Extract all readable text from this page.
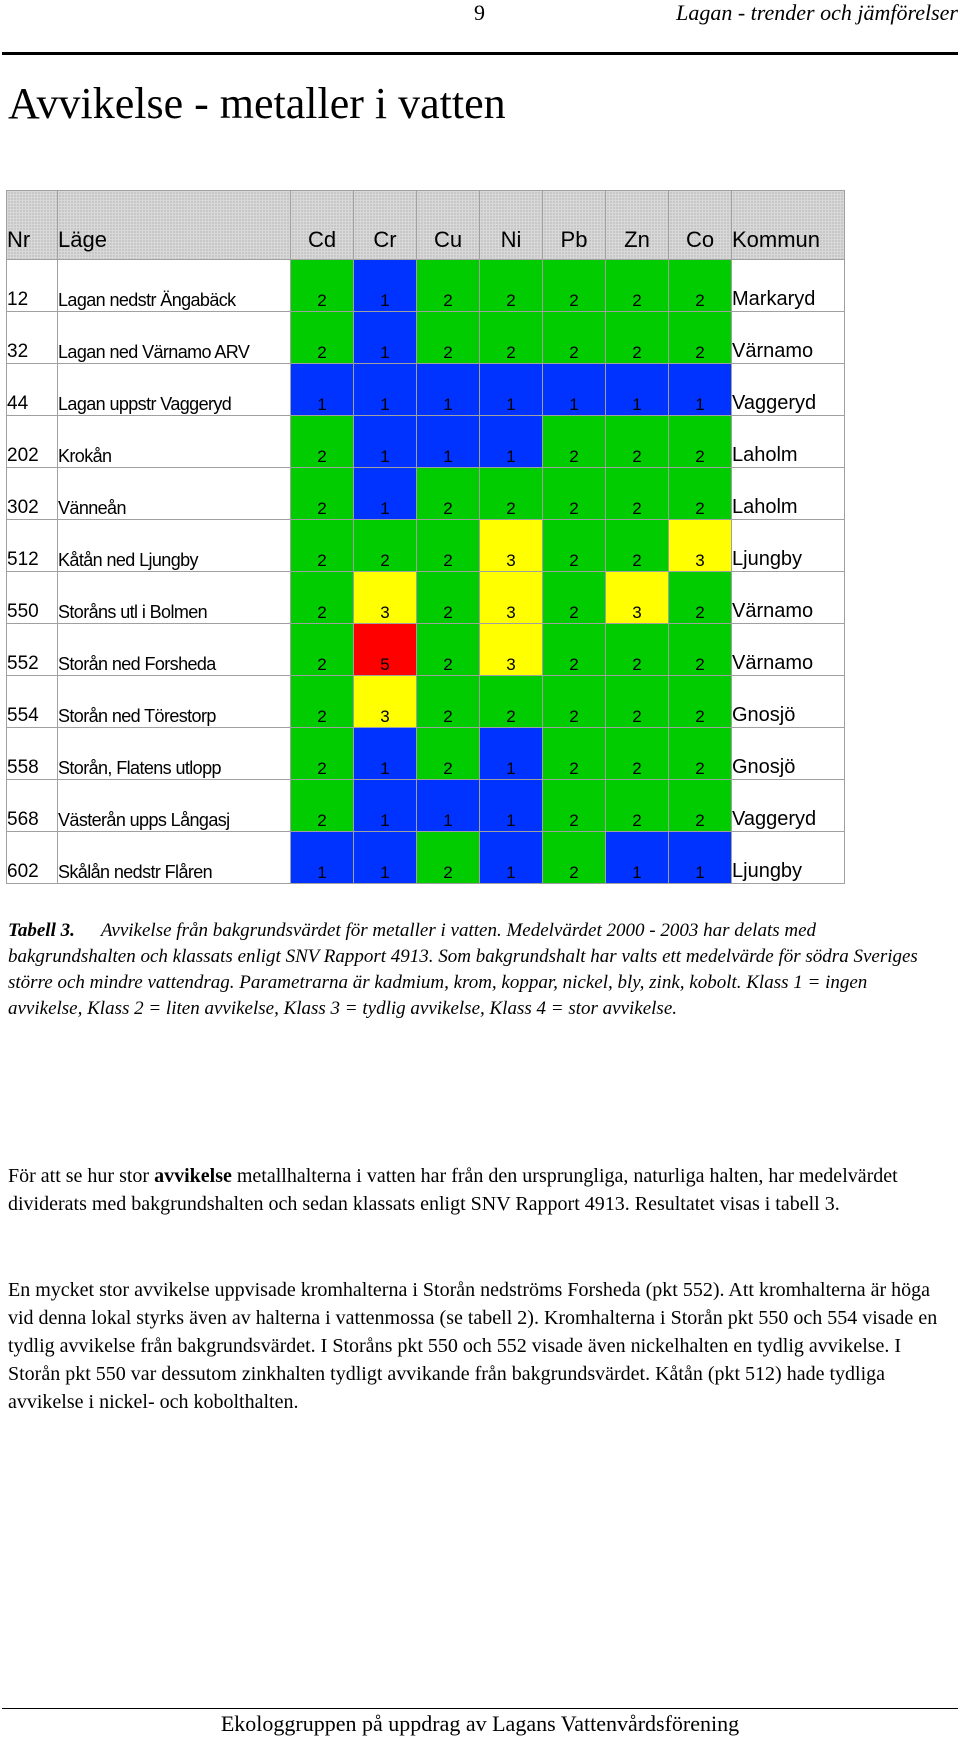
9	Lagan - trender och jämförelser
Avvikelse - metaller i vatten
Nr	Läge	Cd	Cr	Cu	Ni	Pb	Zn	Co	Kommun
12	Lagan nedstr Ängabäck	2	1	2	2	2	2	2	Markaryd
32	Lagan ned Värnamo ARV	2	1	2	2	2	2	2	Värnamo
44	Lagan uppstr Vaggeryd	1	1	1	1	1	1	1	Vaggeryd
202	Krokån	2	1	1	1	2	2	2	Laholm
302	Vänneån	2	1	2	2	2	2	2	Laholm
512	Kåtån ned Ljungby	2	2	2	3	2	2	3	Ljungby
550	Storåns utl i Bolmen	2	3	2	3	2	3	2	Värnamo
552	Storån ned Forsheda	2	5	2	3	2	2	2	Värnamo
554	Storån ned Törestorp	2	3	2	2	2	2	2	Gnosjö
558	Storån, Flatens utlopp	2	1	2	1	2	2	2	Gnosjö
568	Västerån upps Långasj	2	1	1	1	2	2	2	Vaggeryd
602	Skålån nedstr Flåren	1	1	2	1	2	1	1	Ljungby
Tabell 3. Avvikelse från bakgrundsvärdet för metaller i vatten. Medelvärdet 2000 - 2003 har delats med bakgrundshalten och klassats enligt SNV Rapport 4913. Som bakgrundshalt har valts ett medelvärde för södra Sveriges större och mindre vattendrag. Parametrarna är kadmium, krom, koppar, nickel, bly, zink, kobolt. Klass 1 = ingen avvikelse, Klass 2 = liten avvikelse, Klass 3 = tydlig avvikelse, Klass 4 = stor avvikelse.

För att se hur stor avvikelse metallhalterna i vatten har från den ursprungliga, naturliga halten, har medelvärdet dividerats med bakgrundshalten och sedan klassats enligt SNV Rapport 4913. Resultatet visas i tabell 3.

En mycket stor avvikelse uppvisade kromhalterna i Storån nedströms Forsheda (pkt 552). Att kromhalterna är höga vid denna lokal styrks även av halterna i vattenmossa (se tabell 2). Kromhalterna i Storån pkt 550 och 554 visade en tydlig avvikelse från bakgrundsvärdet. I Storåns pkt 550 och 552 visade även nickelhalten en tydlig avvikelse. I Storån pkt 550 var dessutom zinkhalten tydligt avvikande från bakgrundsvärdet. Kåtån (pkt 512) hade tydliga avvikelse i nickel- och kobolthalten.

Ekologgruppen på uppdrag av Lagans Vattenvårdsförening
